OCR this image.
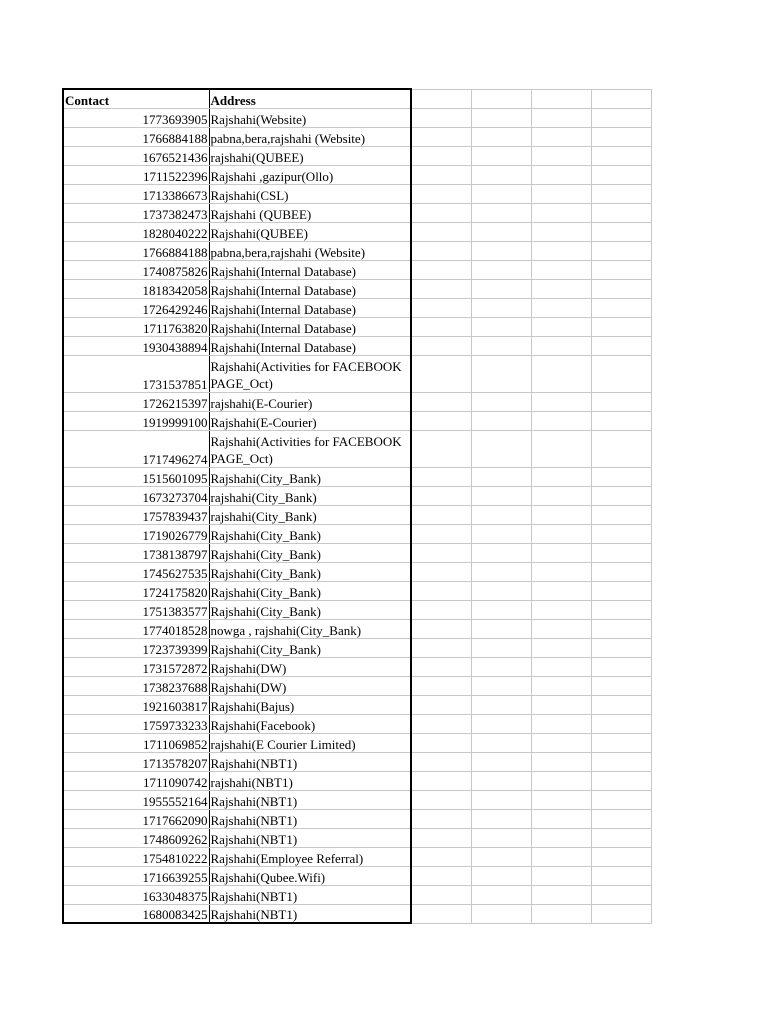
Contact	Address				
1773693905	Rajshahi(Website)				
1766884188	pabna,bera,rajshahi (Website)				
1676521436	rajshahi(QUBEE)				
1711522396	Rajshahi ,gazipur(Ollo)				
1713386673	Rajshahi(CSL)				
1737382473	Rajshahi (QUBEE)				
1828040222	Rajshahi(QUBEE)				
1766884188	pabna,bera,rajshahi (Website)				
1740875826	Rajshahi(Internal Database)				
1818342058	Rajshahi(Internal Database)				
1726429246	Rajshahi(Internal Database)				
1711763820	Rajshahi(Internal Database)				
1930438894	Rajshahi(Internal Database)				
1731537851	Rajshahi(Activities for FACEBOOK PAGE_Oct)				
1726215397	rajshahi(E-Courier)				
1919999100	Rajshahi(E-Courier)				
1717496274	Rajshahi(Activities for FACEBOOK PAGE_Oct)				
1515601095	Rajshahi(City_Bank)				
1673273704	rajshahi(City_Bank)				
1757839437	rajshahi(City_Bank)				
1719026779	Rajshahi(City_Bank)				
1738138797	Rajshahi(City_Bank)				
1745627535	Rajshahi(City_Bank)				
1724175820	Rajshahi(City_Bank)				
1751383577	Rajshahi(City_Bank)				
1774018528	nowga , rajshahi(City_Bank)				
1723739399	Rajshahi(City_Bank)				
1731572872	Rajshahi(DW)				
1738237688	Rajshahi(DW)				
1921603817	Rajshahi(Bajus)				
1759733233	Rajshahi(Facebook)				
1711069852	rajshahi(E Courier Limited)				
1713578207	Rajshahi(NBT1)				
1711090742	rajshahi(NBT1)				
1955552164	Rajshahi(NBT1)				
1717662090	Rajshahi(NBT1)				
1748609262	Rajshahi(NBT1)				
1754810222	Rajshahi(Employee Referral)				
1716639255	Rajshahi(Qubee.Wifi)				
1633048375	Rajshahi(NBT1)				
1680083425	Rajshahi(NBT1)				
